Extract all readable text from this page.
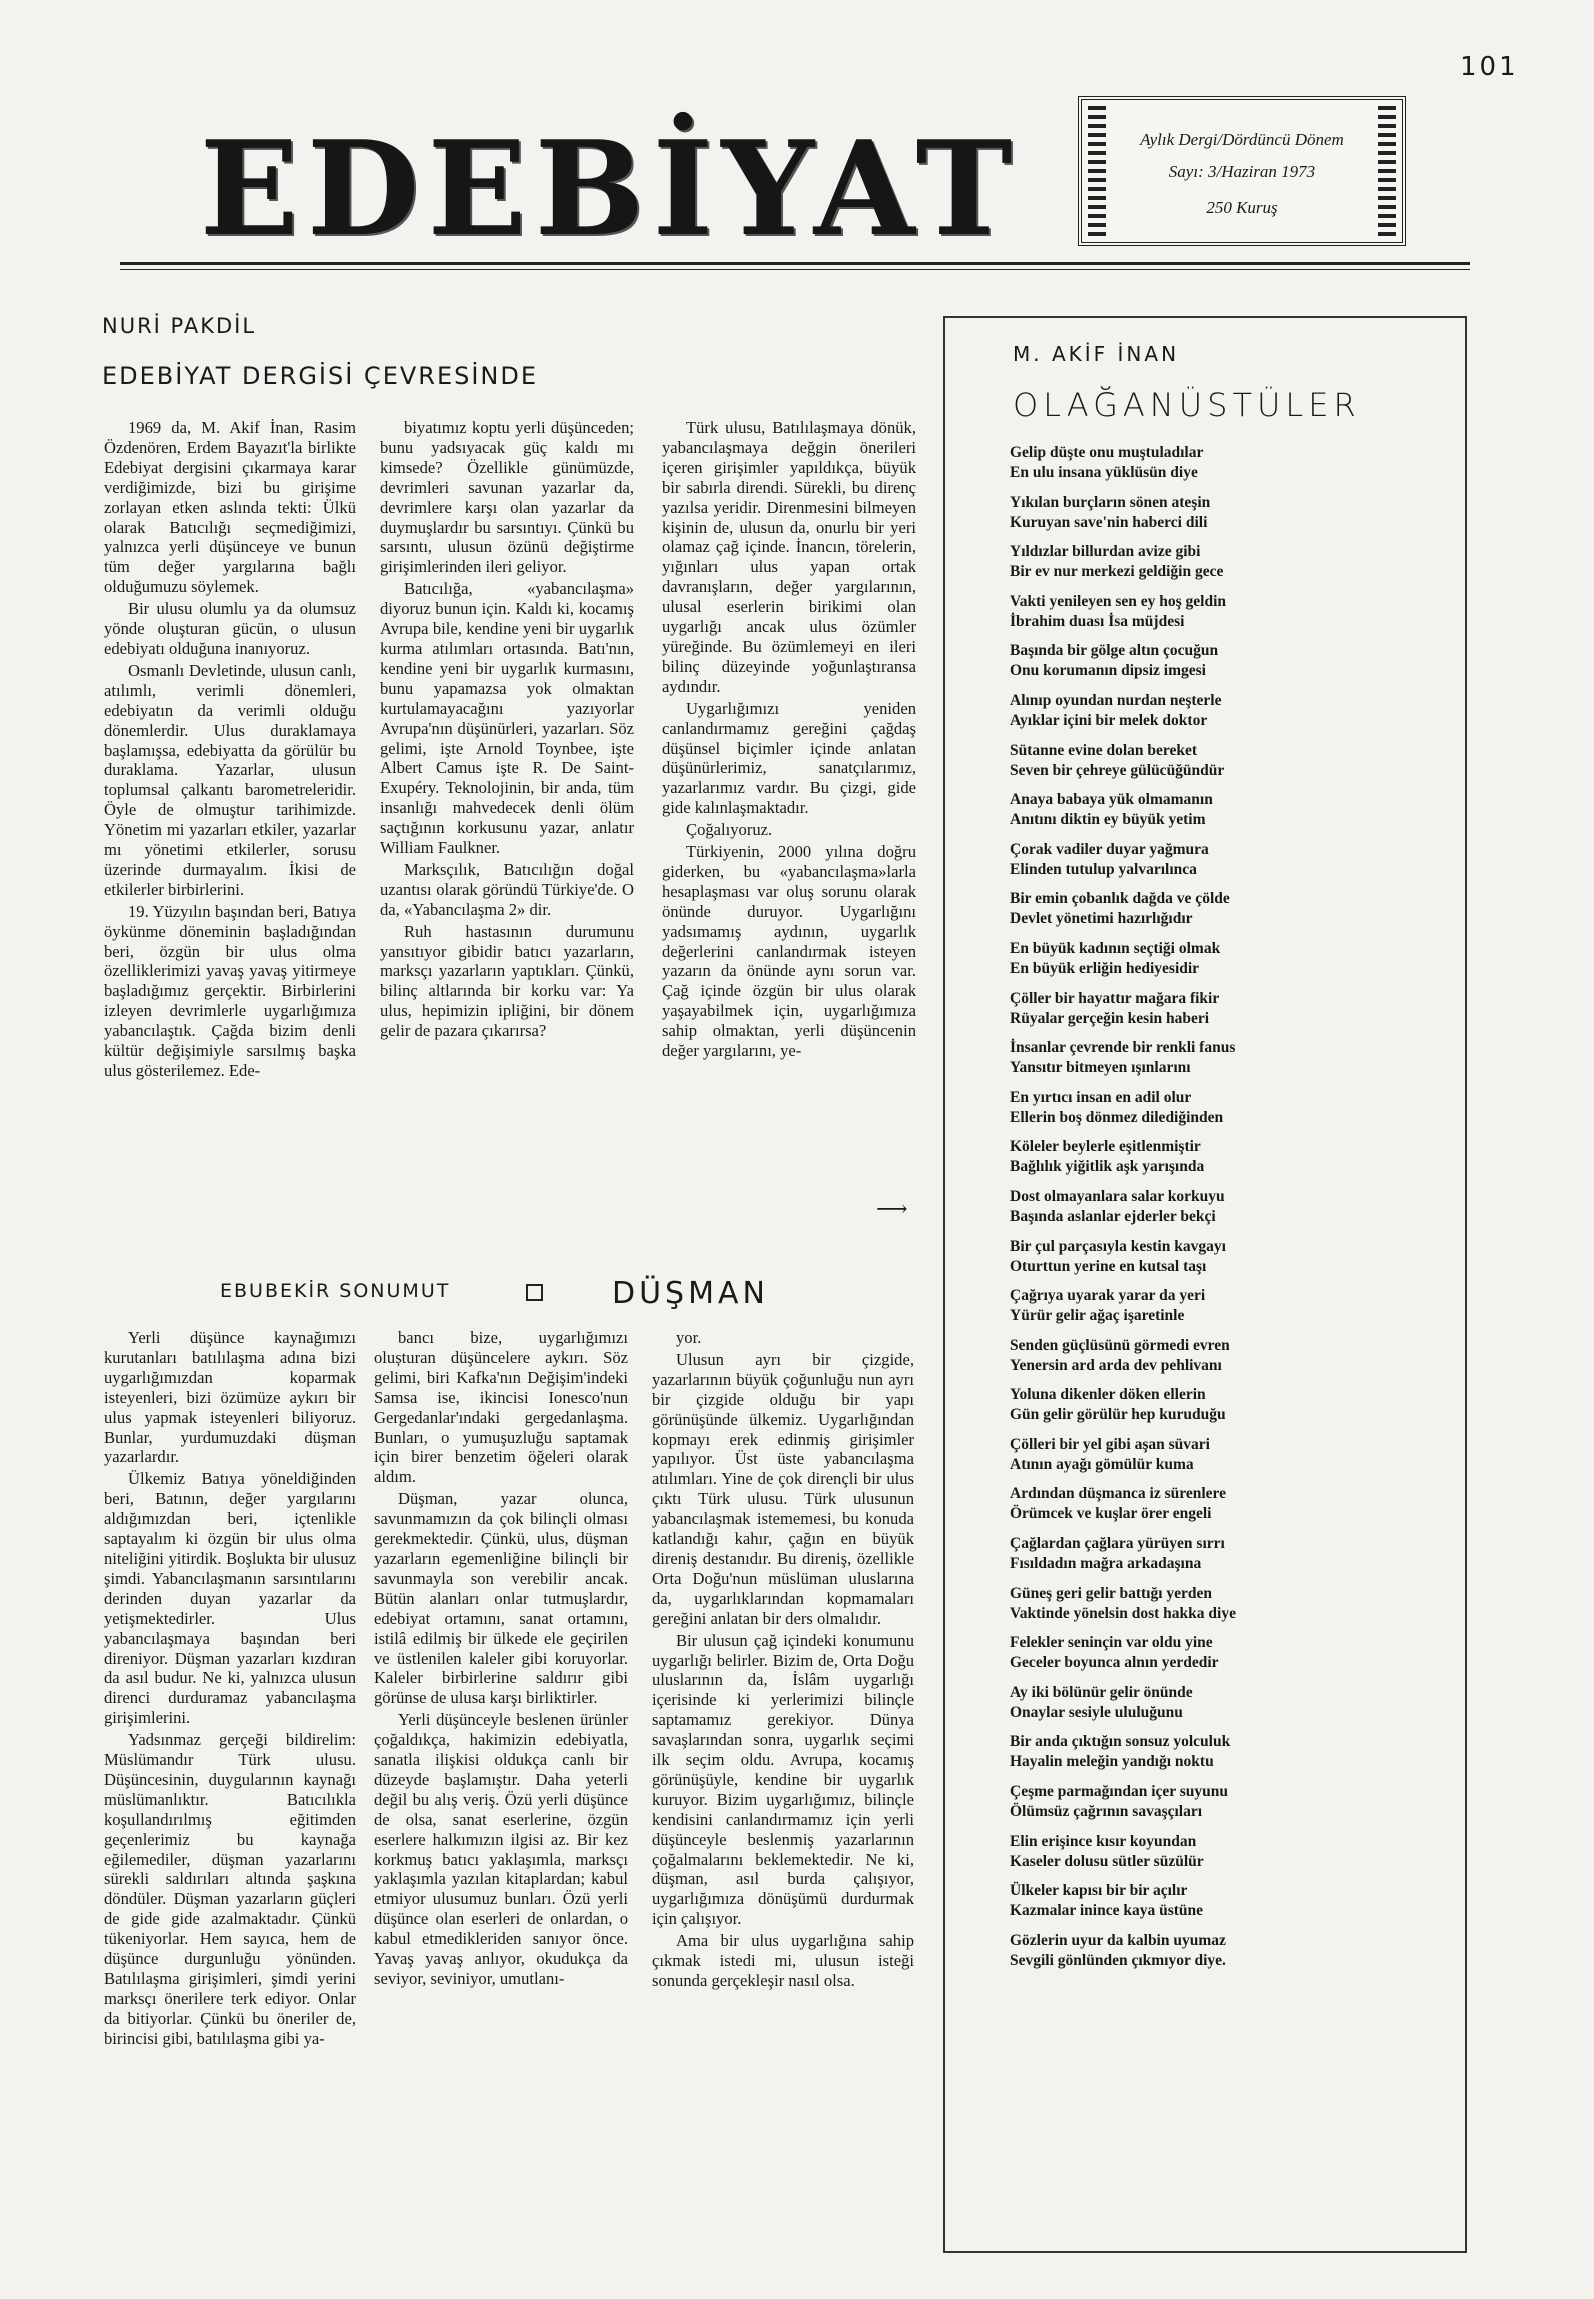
101
EDEBİYAT	Aylık Dergi/Dördüncü Dönem
Sayı: 3/Haziran 1973
250 Kuruş
NURİ PAKDİL
EDEBİYAT DERGİSİ ÇEVRESİNDE

1969 da, M. Akif İnan, Rasim Özdenören, Erdem Bayazıt'la birlikte Edebiyat dergisini çıkarmaya karar verdiğimizde, bizi bu girişime zorlayan etken aslında tekti: Ülkü olarak Batıcılığı seçmediğimizi, yalnızca yerli düşünceye ve bunun tüm değer yargılarına bağlı olduğumuzu söylemek.

Bir ulusu olumlu ya da olumsuz yönde oluşturan gücün, o ulusun edebiyatı olduğuna inanıyoruz.

Osmanlı Devletinde, ulusun canlı, atılımlı, verimli dönemleri, edebiyatın da verimli olduğu dönemlerdir. Ulus duraklamaya başlamışsa, edebiyatta da görülür bu duraklama. Yazarlar, ulusun toplumsal çalkantı barometreleridir. Öyle de olmuştur tarihimizde. Yönetim mi yazarları etkiler, yazarlar mı yönetimi etkilerler, sorusu üzerinde durmayalım. İkisi de etkilerler birbirlerini.

19. Yüzyılın başından beri, Batıya öykünme döneminin başladığından beri, özgün bir ulus olma özelliklerimizi yavaş yavaş yitirmeye başladığımız gerçektir. Birbirlerini izleyen devrimlerle uygarlığımıza yabancılaştık. Çağda bizim denli kültür değişimiyle sarsılmış başka ulus gösterilemez. Ede-

biyatımız koptu yerli düşünceden; bunu yadsıyacak güç kaldı mı kimsede? Özellikle günümüzde, devrimleri savunan yazarlar da, devrimlere karşı olan yazarlar da duymuşlardır bu sarsıntıyı. Çünkü bu sarsıntı, ulusun özünü değiştirme girişimlerinden ileri geliyor.

Batıcılığa, «yabancılaşma» diyoruz bunun için. Kaldı ki, kocamış Avrupa bile, kendine yeni bir uygarlık kurma atılımları ortasında. Batı'nın, kendine yeni bir uygarlık kurmasını, bunu yapamazsa yok olmaktan kurtulamayacağını yazıyorlar Avrupa'nın düşünürleri, yazarları. Söz gelimi, işte Arnold Toynbee, işte Albert Camus işte R. De Saint-Exupéry. Teknolojinin, bir anda, tüm insanlığı mahvedecek denli ölüm saçtığının korkusunu yazar, anlatır William Faulkner.

Marksçılık, Batıcılığın doğal uzantısı olarak göründü Türkiye'de. O da, «Yabancılaşma 2» dir.

Ruh hastasının durumunu yansıtıyor gibidir batıcı yazarların, marksçı yazarların yaptıkları. Çünkü, bilinç altlarında bir korku var: Ya ulus, hepimizin ipliğini, bir dönem gelir de pazara çıkarırsa?

Türk ulusu, Batılılaşmaya dönük, yabancılaşmaya değgin önerileri içeren girişimler yapıldıkça, büyük bir sabırla direndi. Sürekli, bu direnç yazılsa yeridir. Direnmesini bilmeyen kişinin de, ulusun da, onurlu bir yeri olamaz çağ içinde. İnancın, törelerin, yığınları ulus yapan ortak davranışların, değer yargılarının, ulusal eserlerin birikimi olan uygarlığı ancak ulus özümler yüreğinde. Bu özümlemeyi en ileri bilinç düzeyinde yoğunlaştıransa aydındır.

Uygarlığımızı yeniden canlandırmamız gereğini çağdaş düşünsel biçimler içinde anlatan düşünürlerimiz, sanatçılarımız, yazarlarımız vardır. Bu çizgi, gide gide kalınlaşmaktadır.

Çoğalıyoruz.

Türkiyenin, 2000 yılına doğru giderken, bu «yabancılaşma»larla hesaplaşması var oluş sorunu olarak önünde duruyor. Uygarlığını yadsımamış aydının, uygarlık değerlerini canlandırmak isteyen yazarın da önünde aynı sorun var. Çağ içinde özgün bir ulus olarak yaşayabilmek için, uygarlığımıza sahip olmaktan, yerli düşüncenin değer yargılarını, ye-

⟶
EBUBEKİR SONUMUT	DÜŞMAN

Yerli düşünce kaynağımızı kurutanları batılılaşma adına bizi uygarlığımızdan koparmak isteyenleri, bizi özümüze aykırı bir ulus yapmak isteyenleri biliyoruz. Bunlar, yurdumuzdaki düşman yazarlardır.

Ülkemiz Batıya yöneldiğinden beri, Batının, değer yargılarını aldığımızdan beri, içtenlikle saptayalım ki özgün bir ulus olma niteliğini yitirdik. Boşlukta bir ulusuz şimdi. Yabancılaşmanın sarsıntılarını derinden duyan yazarlar da yetişmektedirler. Ulus yabancılaşmaya başından beri direniyor. Düşman yazarları kızdıran da asıl budur. Ne ki, yalnızca ulusun direnci durduramaz yabancılaşma girişimlerini.

Yadsınmaz gerçeği bildirelim: Müslümandır Türk ulusu. Düşüncesinin, duygularının kaynağı müslümanlıktır. Batıcılıkla koşullandırılmış eğitimden geçenlerimiz bu kaynağa eğilemediler, düşman yazarlarını sürekli saldırıları altında şaşkına döndüler. Düşman yazarların güçleri de gide gide azalmaktadır. Çünkü tükeniyorlar. Hem sayıca, hem de düşünce durgunluğu yönünden. Batılılaşma girişimleri, şimdi yerini marksçı önerilere terk ediyor. Onlar da bitiyorlar. Çünkü bu öneriler de, birincisi gibi, batılılaşma gibi ya-

bancı bize, uygarlığımızı olușturan düşüncelere aykırı. Söz gelimi, biri Kafka'nın Değişim'indeki Samsa ise, ikincisi Ionesco'nun Gergedanlar'ındaki gergedanlaşma. Bunları, o yumuşuzluğu saptamak için birer benzetim öğeleri olarak aldım.

Düşman, yazar olunca, savunmamızın da çok bilinçli olması gerekmektedir. Çünkü, ulus, düşman yazarların egemenliğine bilinçli bir savunmayla son verebilir ancak. Bütün alanları onlar tutmuşlardır, edebiyat ortamını, sanat ortamını, istilâ edilmiş bir ülkede ele geçirilen ve üstlenilen kaleler gibi koruyorlar. Kaleler birbirlerine saldırır gibi görünse de ulusa karşı birliktirler.

Yerli düşünceyle beslenen ürünler çoğaldıkça, hakimizin edebiyatla, sanatla ilişkisi oldukça canlı bir düzeyde başlamıştır. Daha yeterli değil bu alış veriş. Özü yerli düşünce de olsa, sanat eserlerine, özgün eserlere halkımızın ilgisi az. Bir kez korkmuş batıcı yaklaşımla, marksçı yaklaşımla yazılan kitaplardan; kabul etmiyor ulusumuz bunları. Özü yerli düşünce olan eserleri de onlardan, o kabul etmedikleriden sanıyor önce. Yavaş yavaş anlıyor, okudukça da seviyor, seviniyor, umutlanı-

yor.

Ulusun ayrı bir çizgide, yazarlarının büyük çoğunluğu nun ayrı bir çizgide olduğu bir yapı görünüşünde ülkemiz. Uygarlığından kopmayı erek edinmiş girişimler yapılıyor. Üst üste yabancılaşma atılımları. Yine de çok dirençli bir ulus çıktı Türk ulusu. Türk ulusunun yabancılaşmak istememesi, bu konuda katlandığı kahır, çağın en büyük direniş destanıdır. Bu direniş, özellikle Orta Doğu'nun müslüman uluslarına da, uygarlıklarından kopmamaları gereğini anlatan bir ders olmalıdır.

Bir ulusun çağ içindeki konumunu uygarlığı belirler. Bizim de, Orta Doğu uluslarının da, İslâm uygarlığı içerisinde ki yerlerimizi bilinçle saptamamız gerekiyor. Dünya savaşlarından sonra, uygarlık seçimi ilk seçim oldu. Avrupa, kocamış görünüşüyle, kendine bir uygarlık kuruyor. Bizim uygarlığımız, bilinçle kendisini canlandırmamız için yerli düşünceyle beslenmiş yazarlarının çoğalmalarını beklemektedir. Ne ki, düşman, asıl burda çalışıyor, uygarlığımıza dönüşümü durdurmak için çalışıyor.

Ama bir ulus uygarlığına sahip çıkmak istedi mi, ulusun isteği sonunda gerçekleşir nasıl olsa.

M. AKİF İNAN
OLAĞANÜSTÜLER
Gelip düşte onu muştuladılar
En ulu insana yüklüsün diye
Yıkılan burçların sönen ateşin
Kuruyan save'nin haberci dili
Yıldızlar billurdan avize gibi
Bir ev nur merkezi geldiğin gece
Vakti yenileyen sen ey hoş geldin
İbrahim duası İsa müjdesi
Başında bir gölge altın çocuğun
Onu korumanın dipsiz imgesi
Alınıp oyundan nurdan neşterle
Ayıklar içini bir melek doktor
Sütanne evine dolan bereket
Seven bir çehreye gülücüğündür
Anaya babaya yük olmamanın
Anıtını diktin ey büyük yetim
Çorak vadiler duyar yağmura
Elinden tutulup yalvarılınca
Bir emin çobanlık dağda ve çölde
Devlet yönetimi hazırlığıdır
En büyük kadının seçtiği olmak
En büyük erliğin hediyesidir
Çöller bir hayattır mağara fikir
Rüyalar gerçeğin kesin haberi
İnsanlar çevrende bir renkli fanus
Yansıtır bitmeyen ışınlarını
En yırtıcı insan en adil olur
Ellerin boş dönmez dilediğinden
Köleler beylerle eşitlenmiştir
Bağlılık yiğitlik aşk yarışında
Dost olmayanlara salar korkuyu
Başında aslanlar ejderler bekçi
Bir çul parçasıyla kestin kavgayı
Oturttun yerine en kutsal taşı
Çağrıya uyarak yarar da yeri
Yürür gelir ağaç işaretinle
Senden güçlüsünü görmedi evren
Yenersin ard arda dev pehlivanı
Yoluna dikenler döken ellerin
Gün gelir görülür hep kuruduğu
Çölleri bir yel gibi aşan süvari
Atının ayağı gömülür kuma
Ardından düşmanca iz sürenlere
Örümcek ve kuşlar örer engeli
Çağlardan çağlara yürüyen sırrı
Fısıldadın mağra arkadaşına
Güneş geri gelir battığı yerden
Vaktinde yönelsin dost hakka diye
Felekler seninçin var oldu yine
Geceler boyunca alnın yerdedir
Ay iki bölünür gelir önünde
Onaylar sesiyle ululuğunu
Bir anda çıktığın sonsuz yolculuk
Hayalin meleğin yandığı noktu
Çeşme parmağından içer suyunu
Ölümsüz çağrının savaşçıları
Elin erişince kısır koyundan
Kaseler dolusu sütler süzülür
Ülkeler kapısı bir bir açılır
Kazmalar inince kaya üstüne
Gözlerin uyur da kalbin uyumaz
Sevgili gönlünden çıkmıyor diye.
